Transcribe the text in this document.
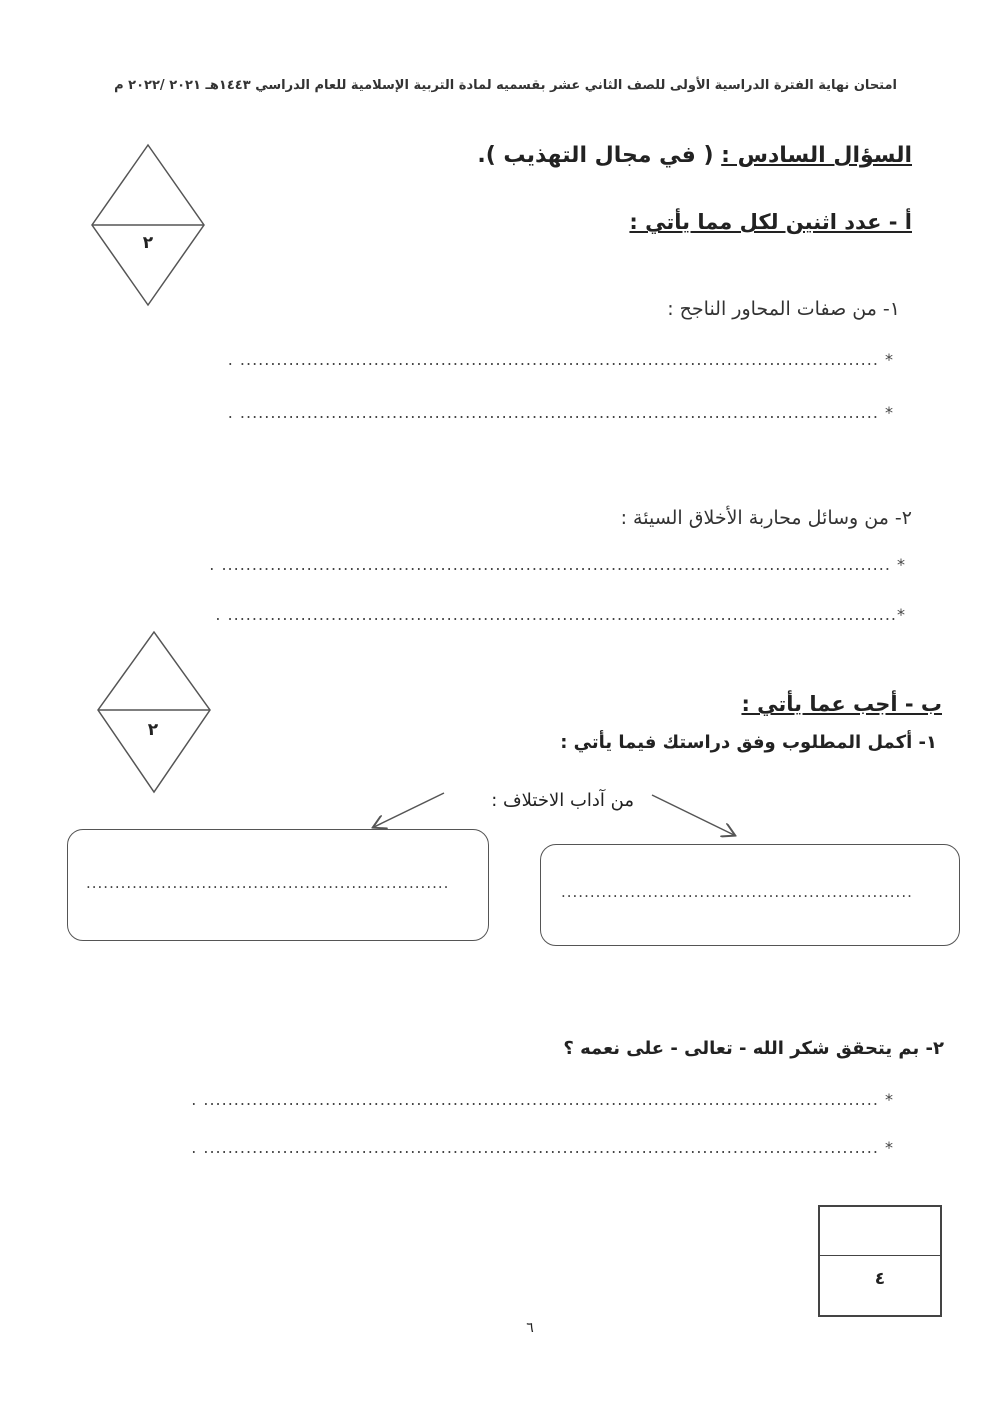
امتحان نهاية الفترة الدراسية الأولى للصف الثاني عشر بقسميه لمادة التربية الإسلامية للعام الدراسي ١٤٤٣هـ ٢٠٢١ /٢٠٢٢ م
السؤال السادس : ( في مجال التهذيب ).
٢
أ - عدد اثنين لكل مما يأتي :
١- من صفات المحاور الناجح :
* ......................................................................................................... .
* ......................................................................................................... .
٢- من وسائل محاربة الأخلاق السيئة :
* .............................................................................................................. .
*.............................................................................................................. .
٢
ب - أجب عما يأتي :
١- أكمل المطلوب وفق دراستك فيما يأتي :
من آداب الاختلاف :
...............................................................	.............................................................
٢- بم يتحقق شكر الله - تعالى - على نعمه ؟
* ............................................................................................................... .
* ............................................................................................................... .
٤
٦
